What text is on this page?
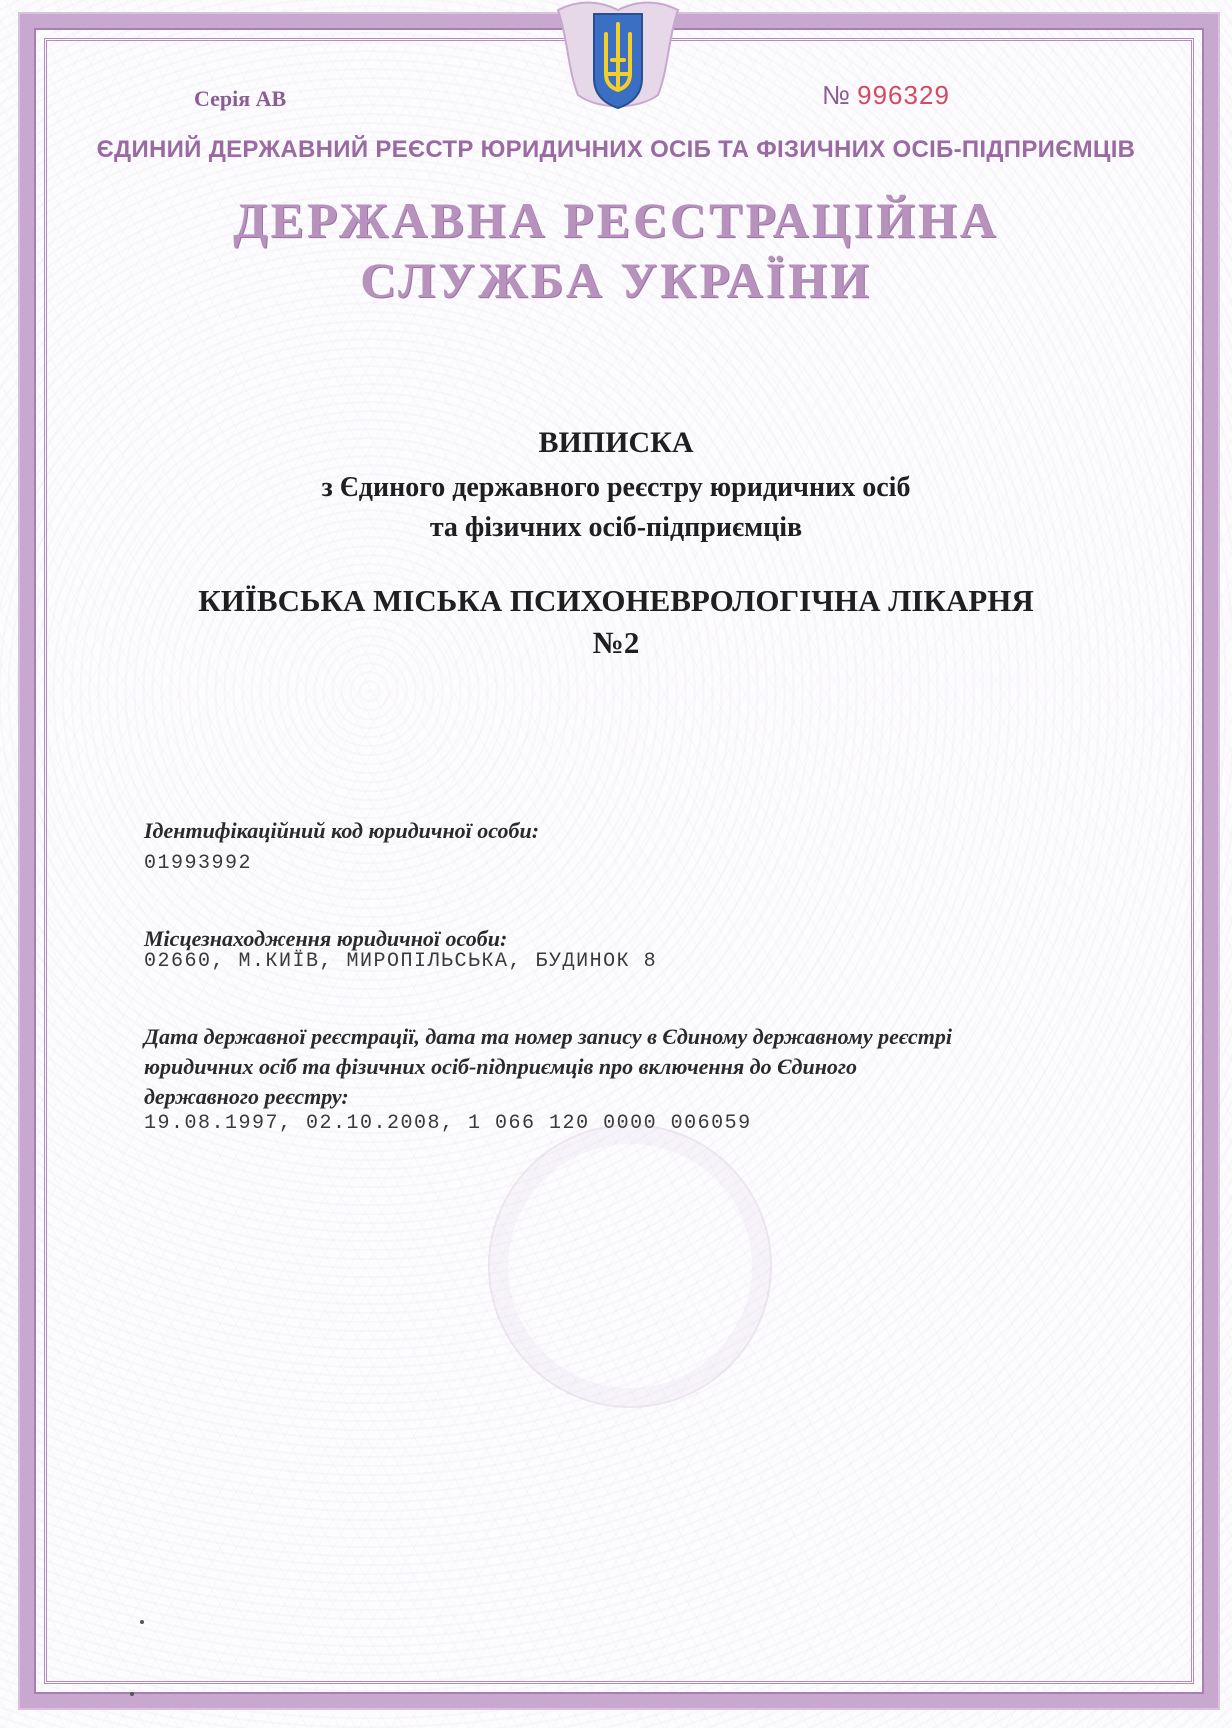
Серія АВ	№ 996329
ЄДИНИЙ ДЕРЖАВНИЙ РЕЄСТР ЮРИДИЧНИХ ОСІБ ТА ФІЗИЧНИХ ОСІБ-ПІДПРИЄМЦІВ
ДЕРЖАВНА РЕЄСТРАЦІЙНА
СЛУЖБА УКРАЇНИ
ВИПИСКА
з Єдиного державного реєстру юридичних осіб
та фізичних осіб-підприємців
КИЇВСЬКА МІСЬКА ПСИХОНЕВРОЛОГІЧНА ЛІКАРНЯ
№2
Ідентифікаційний код юридичної особи:
01993992
Місцезнаходження юридичної особи:
02660, М.КИЇВ, МИРОПІЛЬСЬКА, БУДИНОК 8
Дата державної реєстрації, дата та номер запису в Єдиному державному реєстрі
юридичних осіб та фізичних осіб-підприємців про включення до Єдиного
державного реєстру:
19.08.1997, 02.10.2008, 1 066 120 0000 006059
